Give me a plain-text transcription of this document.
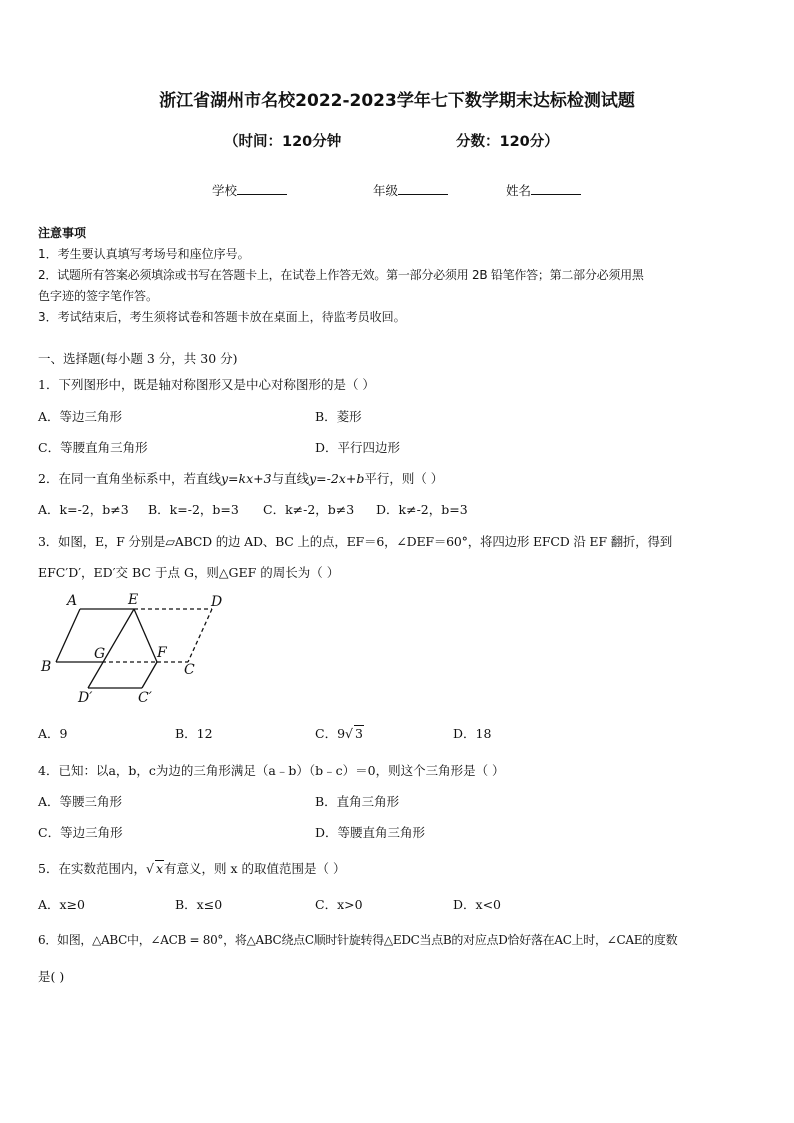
浙江省湖州市名校2022-2023学年七下数学期末达标检测试题
（时间：120分钟	分数：120分）
学校	年级	姓名
注意事项
1．考生要认真填写考场号和座位序号。
2．试题所有答案必须填涂或书写在答题卡上，在试卷上作答无效。第一部分必须用 2B 铅笔作答；第二部分必须用黑
色字迹的签字笔作答。
3．考试结束后，考生须将试卷和答题卡放在桌面上，待监考员收回。
一、选择题(每小题 3 分，共 30 分)
1．下列图形中，既是轴对称图形又是中心对称图形的是（ ）
A．等边三角形	B．菱形
C．等腰直角三角形	D．平行四边形
2．在同一直角坐标系中，若直线y=kx+3与直线y=-2x+b平行，则（ ）
A．k=-2，b≠3 B．k=-2，b=3 C．k≠-2，b≠3 D．k≠-2，b=3
3．如图，E，F 分别是▱ABCD 的边 AD、BC 上的点，EF＝6，∠DEF＝60°，将四边形 EFCD 沿 EF 翻折，得到
EFC′D′，ED′交 BC 于点 G，则△GEF 的周长为（ ）
A	E	D
B
G	F
C
D′	C′
A．9	B．12	C．9√ 3	D．18
4．已知：以a，b，c为边的三角形满足（a﹣b）（b﹣c）＝0，则这个三角形是（ ）
A．等腰三角形	B．直角三角形
C．等边三角形	D．等腰直角三角形
5．在实数范围内，√ x有意义，则 x 的取值范围是（ ）
A．x≥0	B．x≤0	C．x>0	D．x<0
6．如图，△ABC中，∠ACB = 80°，将△ABC绕点C顺时针旋转得△EDC当点B的对应点D恰好落在AC上时，∠CAE的度数
是( )
